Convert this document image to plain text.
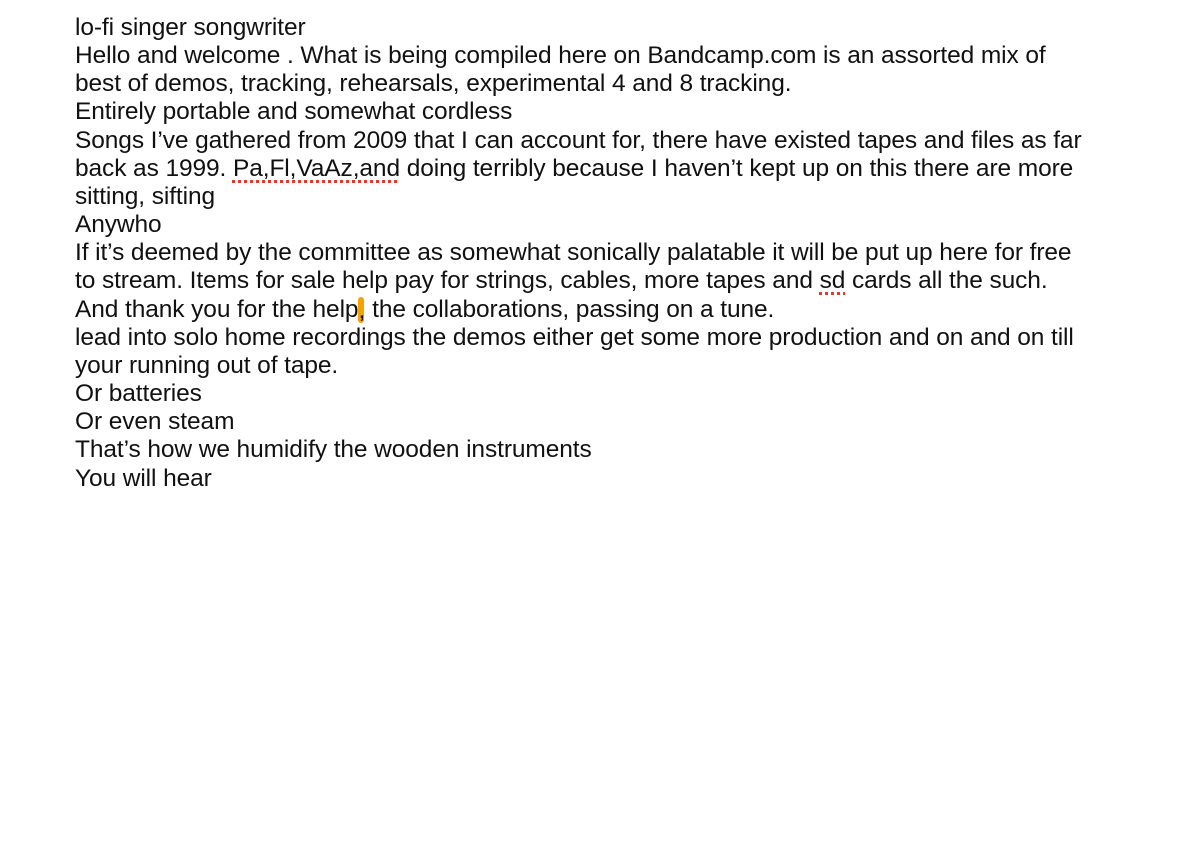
lo-fi singer songwriter
Hello and welcome . What is being compiled here on Bandcamp.com is an assorted mix of
best of demos, tracking, rehearsals, experimental 4 and 8 tracking.
Entirely portable and somewhat cordless
Songs I’ve gathered from 2009 that I can account for, there have existed tapes and files as far
back as 1999. Pa,Fl,VaAz,and doing terribly because I haven’t kept up on this there are more
sitting, sifting
Anywho
If it’s deemed by the committee as somewhat sonically palatable it will be put up here for free
to stream. Items for sale help pay for strings, cables, more tapes and sd cards all the such.
And thank you for the help , the collaborations, passing on a tune.
lead into solo home recordings the demos either get some more production and on and on till
your running out of tape.
Or batteries
Or even steam
That’s how we humidify the wooden instruments
You will hear
